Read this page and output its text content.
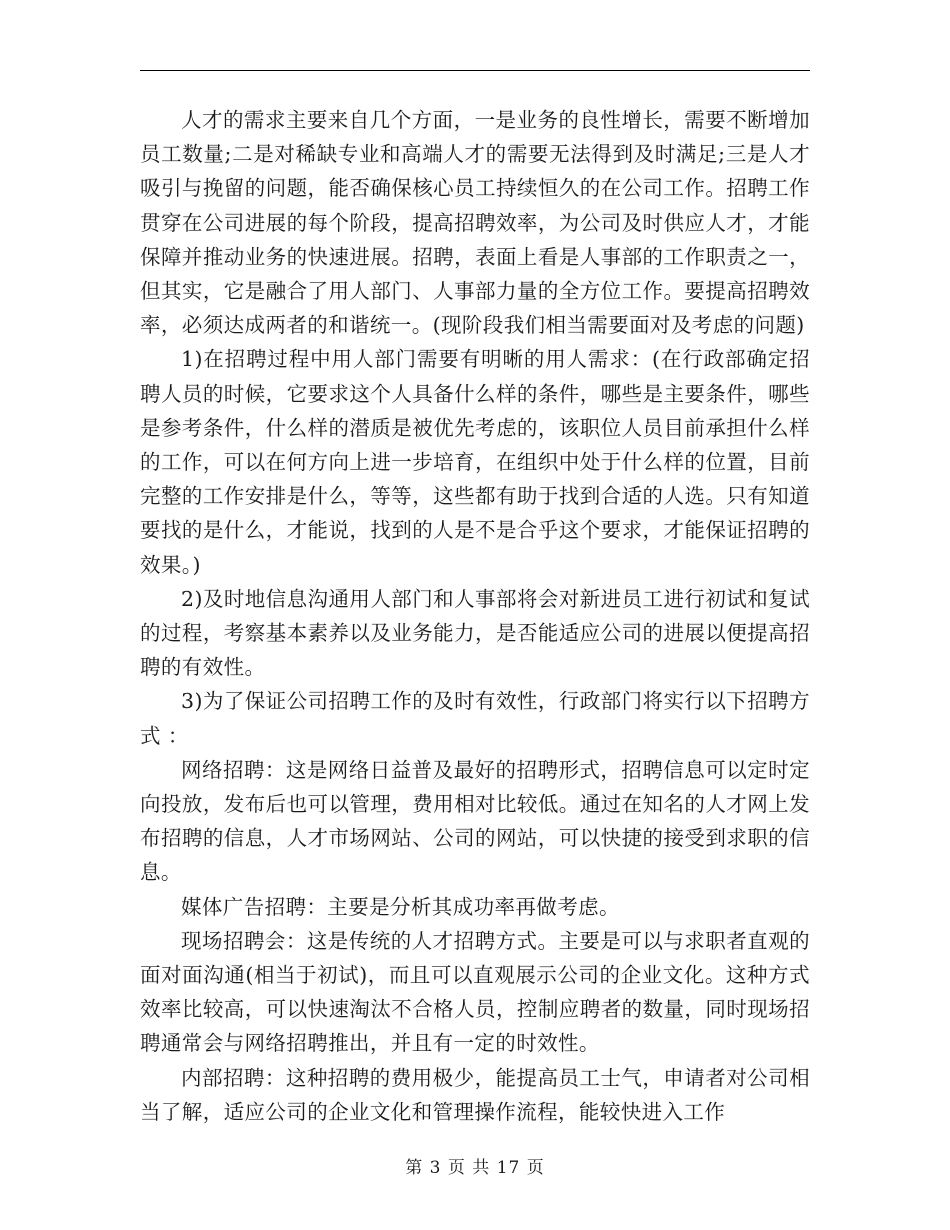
人才的需求主要来自几个方面，一是业务的良性增长，需要不断增加员工数量;二是对稀缺专业和高端人才的需要无法得到及时满足;三是人才吸引与挽留的问题，能否确保核心员工持续恒久的在公司工作。招聘工作贯穿在公司进展的每个阶段，提高招聘效率，为公司及时供应人才，才能保障并推动业务的快速进展。招聘，表面上看是人事部的工作职责之一，但其实，它是融合了用人部门、人事部力量的全方位工作。要提高招聘效率，必须达成两者的和谐统一。(现阶段我们相当需要面对及考虑的问题)

1)在招聘过程中用人部门需要有明晰的用人需求：(在行政部确定招聘人员的时候，它要求这个人具备什么样的条件，哪些是主要条件，哪些是参考条件，什么样的潜质是被优先考虑的，该职位人员目前承担什么样的工作，可以在何方向上进一步培育，在组织中处于什么样的位置，目前完整的工作安排是什么，等等，这些都有助于找到合适的人选。只有知道要找的是什么，才能说，找到的人是不是合乎这个要求，才能保证招聘的效果。)

2)及时地信息沟通用人部门和人事部将会对新进员工进行初试和复试的过程，考察基本素养以及业务能力，是否能适应公司的进展以便提高招聘的有效性。

3)为了保证公司招聘工作的及时有效性，行政部门将实行以下招聘方式 ：

网络招聘：这是网络日益普及最好的招聘形式，招聘信息可以定时定向投放，发布后也可以管理，费用相对比较低。通过在知名的人才网上发布招聘的信息，人才市场网站、公司的网站，可以快捷的接受到求职的信息。

媒体广告招聘：主要是分析其成功率再做考虑。

现场招聘会：这是传统的人才招聘方式。主要是可以与求职者直观的面对面沟通(相当于初试)，而且可以直观展示公司的企业文化。这种方式效率比较高，可以快速淘汰不合格人员，控制应聘者的数量，同时现场招聘通常会与网络招聘推出，并且有一定的时效性。

内部招聘：这种招聘的费用极少，能提高员工士气，申请者对公司相当了解，适应公司的企业文化和管理操作流程，能较快进入工作

第 3 页 共 17 页
